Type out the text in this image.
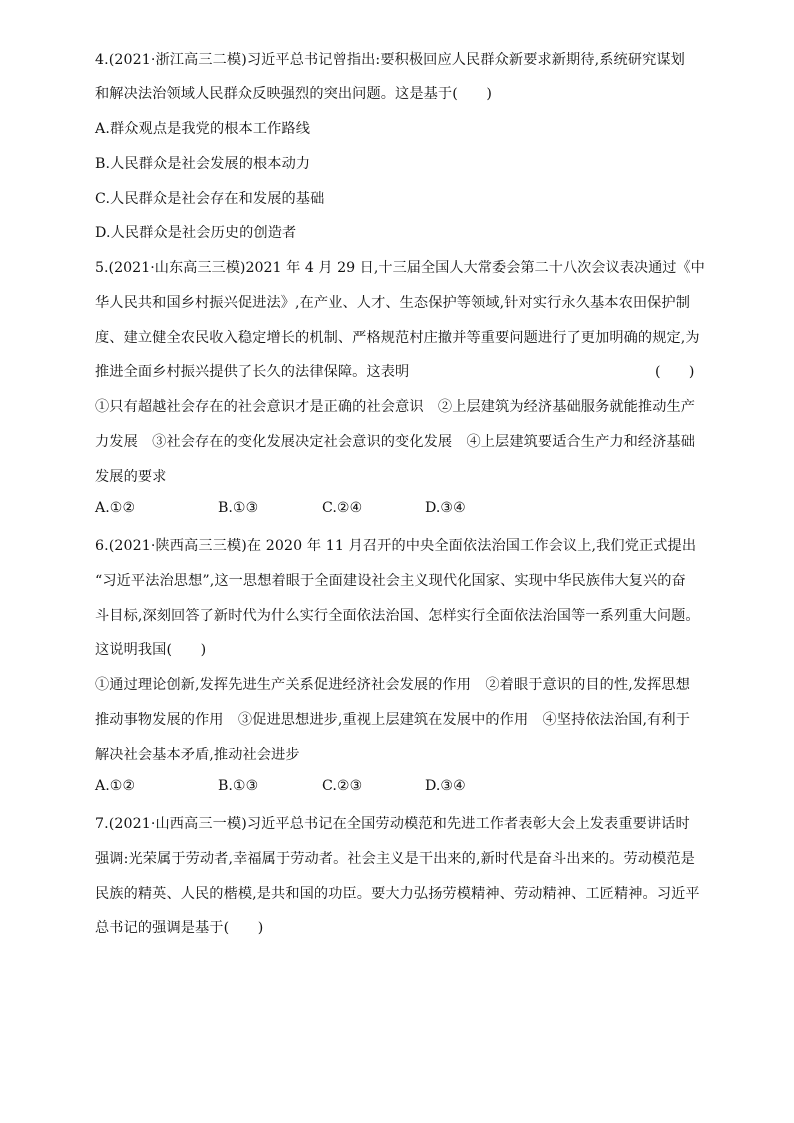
4.(2021·浙江高三二模)习近平总书记曾指出:要积极回应人民群众新要求新期待,系统研究谋划
和解决法治领域人民群众反映强烈的突出问题。这是基于(　　)
A.群众观点是我党的根本工作路线
B.人民群众是社会发展的根本动力
C.人民群众是社会存在和发展的基础
D.人民群众是社会历史的创造者
5.(2021·山东高三三模)2021 年 4 月 29 日,十三届全国人大常委会第二十八次会议表决通过《中
华人民共和国乡村振兴促进法》,在产业、人才、生态保护等领域,针对实行永久基本农田保护制
度、建立健全农民收入稳定增长的机制、严格规范村庄撤并等重要问题进行了更加明确的规定,为
推进全面乡村振兴提供了长久的法律保障。这表明	(　　)
①只有超越社会存在的社会意识才是正确的社会意识　②上层建筑为经济基础服务就能推动生产
力发展　③社会存在的变化发展决定社会意识的变化发展　④上层建筑要适合生产力和经济基础
发展的要求
A.①②	B.①③	C.②④	D.③④
6.(2021·陕西高三三模)在 2020 年 11 月召开的中央全面依法治国工作会议上,我们党正式提出
“习近平法治思想”,这一思想着眼于全面建设社会主义现代化国家、实现中华民族伟大复兴的奋
斗目标,深刻回答了新时代为什么实行全面依法治国、怎样实行全面依法治国等一系列重大问题。
这说明我国(　　)
①通过理论创新,发挥先进生产关系促进经济社会发展的作用　②着眼于意识的目的性,发挥思想
推动事物发展的作用　③促进思想进步,重视上层建筑在发展中的作用　④坚持依法治国,有利于
解决社会基本矛盾,推动社会进步
A.①②	B.①③	C.②③	D.③④
7.(2021·山西高三一模)习近平总书记在全国劳动模范和先进工作者表彰大会上发表重要讲话时
强调:光荣属于劳动者,幸福属于劳动者。社会主义是干出来的,新时代是奋斗出来的。劳动模范是
民族的精英、人民的楷模,是共和国的功臣。要大力弘扬劳模精神、劳动精神、工匠精神。习近平
总书记的强调是基于(　　)
